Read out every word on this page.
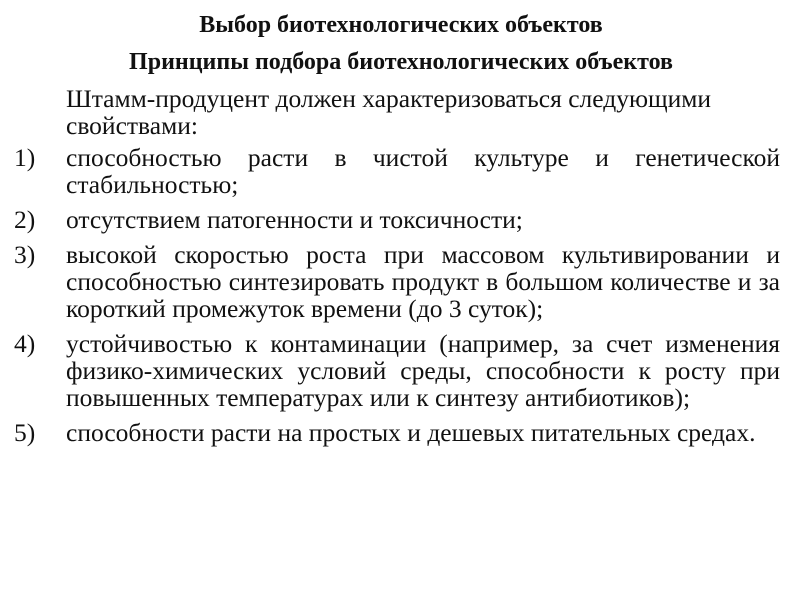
Выбор биотехнологических объектов
Принципы подбора биотехнологических объектов

Штамм-продуцент должен характеризоваться следующими свойствами:

1)	способностью расти в чистой культуре и генетической стабильностью;
2)	отсутствием патогенности и токсичности;
3)	высокой скоростью роста при массовом культивировании и способностью синтезировать продукт в большом количестве и за короткий промежуток времени (до 3 суток);
4)	устойчивостью к контаминации (например, за счет изменения физико-химических условий среды, способности к росту при повышенных температурах или к синтезу антибиотиков);
5)	способности расти на простых и дешевых питательных средах.
